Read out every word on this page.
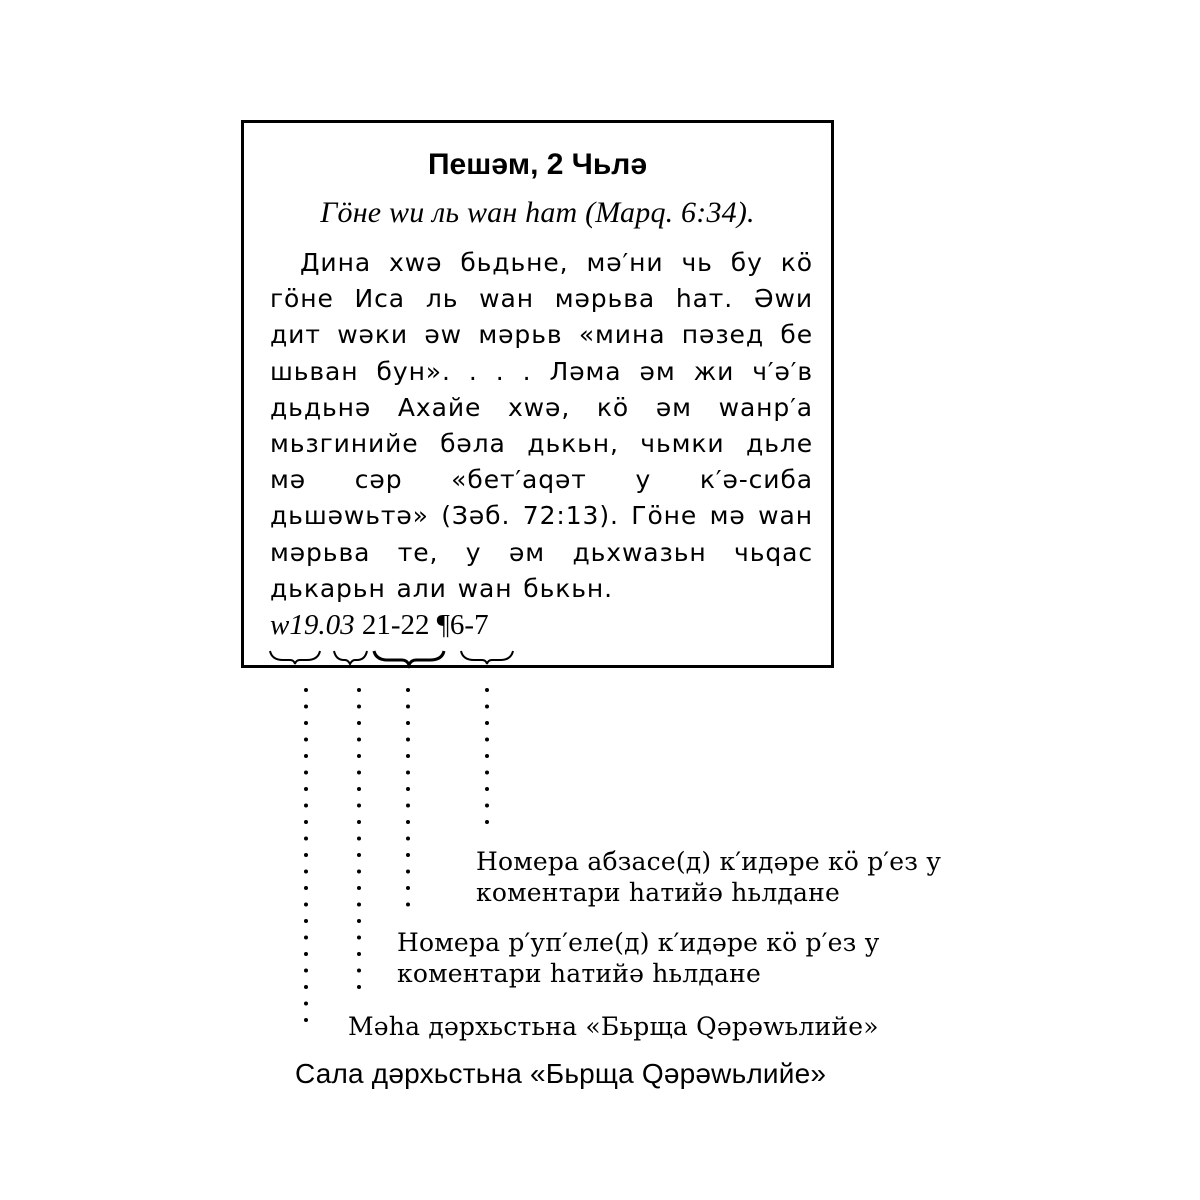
Пешәм, 2 Чьлә
Гӧне ԝи ль ԝан һат (Марq. 6:34).
Дина хԝә бьдьне, мә′ни чь бу кӧ гӧне Иса ль ԝан мәрьва һат. Әԝи дит ԝәки әԝ мәрьв «мина пәзед бе шьван бун». . . . Ләма әм жи ч′ә′в дьдьнә Ахайе хԝә, кӧ әм ԝанр′а мьзгинийе бәла дькьн, чьмки дьле мә сәр «бет′аqәт у к′ә-сиба дьшәԝьтә» (Зәб. 72:13). Гӧне мә ԝан мәрьва те, у әм дьхԝазьн чьqас дькарьн али ԝан бькьн.
w19.03 21-22 ¶6-7
Номера абзасе(д) к′идәре кӧ р′ез у коментари һатийә һьлдане
Номера р′уп′еле(д) к′идәре кӧ р′ез у коментари һатийә һьлдане
Мәһа дәрхьстьна «Бьрща Qәрәԝьлийе»
Сала дәрхьстьна «Бьрща Qәрәԝьлийе»
